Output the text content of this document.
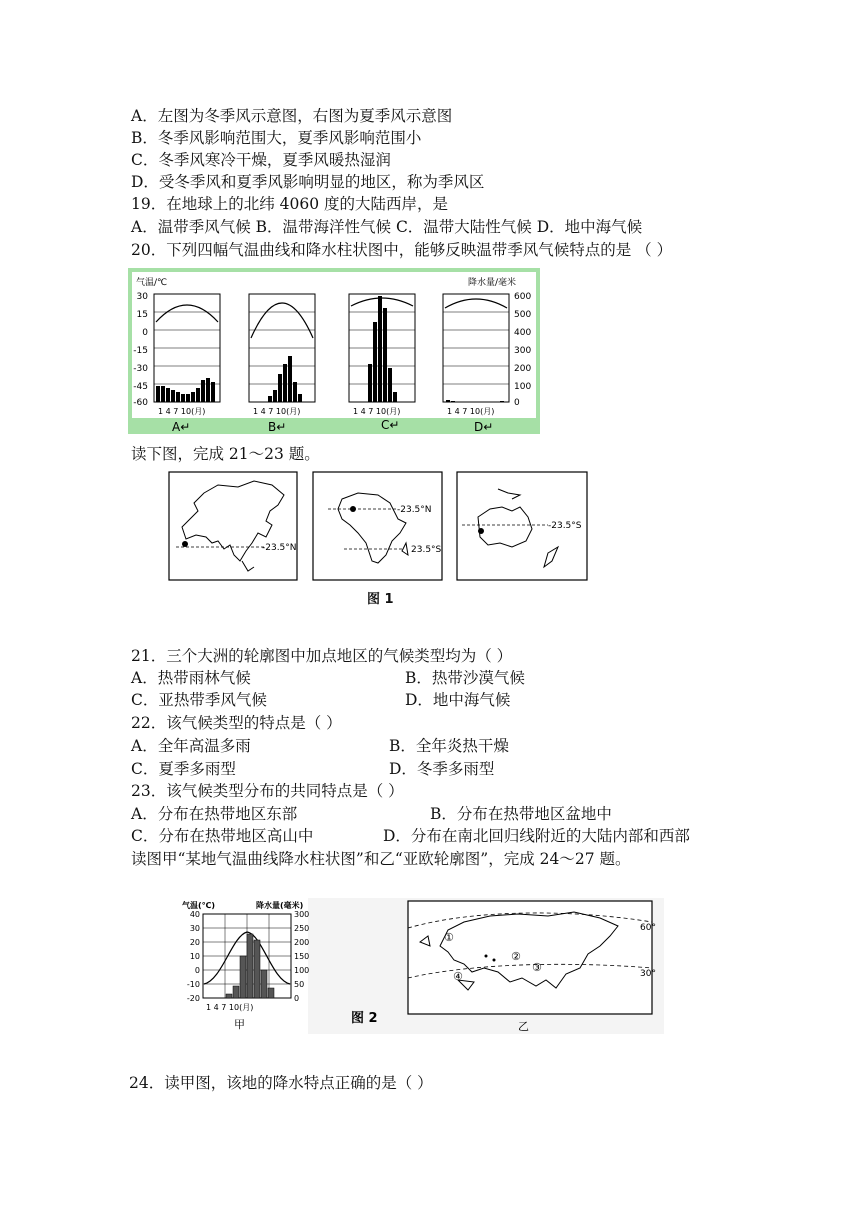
A．左图为冬季风示意图，右图为夏季风示意图
B．冬季风影响范围大，夏季风影响范围小
C．冬季风寒冷干燥，夏季风暖热湿润
D．受冬季风和夏季风影响明显的地区，称为季风区
19．在地球上的北纬 4060 度的大陆西岸，是
A．温带季风气候 B．温带海洋性气候 C．温带大陆性气候 D．地中海气候
20．下列四幅气温曲线和降水柱状图中，能够反映温带季风气候特点的是 （ ）
气温/℃	降水量/毫米
30
15
0
-15
-30
-45
-60
600
500
400
300
200
100
0
1 4 7 10(月)
A↵
1 4 7 10(月)
B↵
1 4 7 10(月)
C↵
1 4 7 10(月)
D↵
读下图，完成 21～23 题。
-23.5°N
-23.5°N
23.5°S
-23.5°S
图 1
21．三个大洲的轮廓图中加点地区的气候类型均为（ ）
A．热带雨林气候	B．热带沙漠气候
C．亚热带季风气候	D．地中海气候
22．该气候类型的特点是（ ）
A．全年高温多雨	B．全年炎热干燥
C．夏季多雨型	D．冬季多雨型
23．该气候类型分布的共同特点是（ ）
A．分布在热带地区东部	B．分布在热带地区盆地中
C．分布在热带地区高山中	D．分布在南北回归线附近的大陆内部和西部
读图甲“某地气温曲线降水柱状图”和乙“亚欧轮廓图”，完成 24～27 题。
气温(℃)	降水量(毫米)
40
30
20
10
0
-10
-20
300
250
200
150
100
50
0
1 4 7 10(月)
甲	图 2
60°
30°
①
②
③
④
乙
24．读甲图，该地的降水特点正确的是（ ）
